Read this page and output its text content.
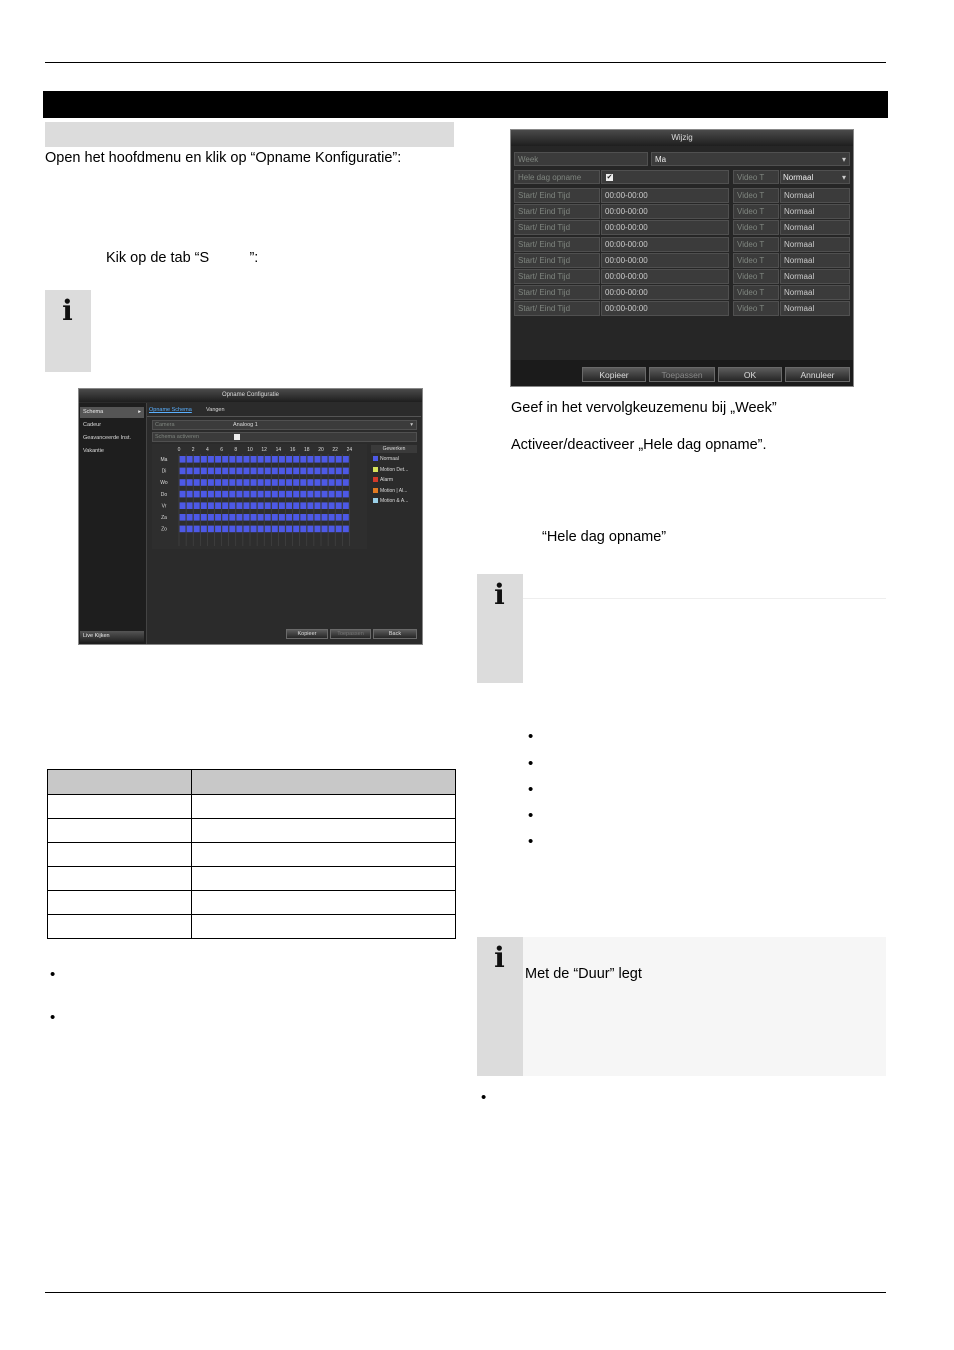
Open het hoofdmenu en klik op “Opname Konfiguratie”:
Kik op de tab “S          ”:
i
Opname Configuratie
Schema	▸
Cadeur
Geavanceerde Inst.
Vakantie
Live Kijken
Opname Schema	Vangen
Camera	Analoog 1	▾
Schema activeren
0 2 4 6 8 10 12 14 16 18 20 22 24
Ma
Di
Wo
Do
Vr
Za
Zo
Gewerken
Normaal
Motion Det...
Alarm
Motion | Al...
Motion & A...
Kopieer	Toepassen	Back

•
•
Wijzig
Week	Ma	▾
Hele dag opname	✔	Video T	Normaal	▾
Start/ Eind Tijd	00:00-00:00	Video T	Normaal
Start/ Eind Tijd	00:00-00:00	Video T	Normaal
Start/ Eind Tijd	00:00-00:00	Video T	Normaal
Start/ Eind Tijd	00:00-00:00	Video T	Normaal
Start/ Eind Tijd	00:00-00:00	Video T	Normaal
Start/ Eind Tijd	00:00-00:00	Video T	Normaal
Start/ Eind Tijd	00:00-00:00	Video T	Normaal
Start/ Eind Tijd	00:00-00:00	Video T	Normaal
Kopieer	Toepassen	OK	Annuleer
Geef in het vervolgkeuzemenu bij „Week”
Activeer/deactiveer „Hele dag opname”.
“Hele dag opname”
i
•
•
•
•
•
i	Met de “Duur” legt
•
